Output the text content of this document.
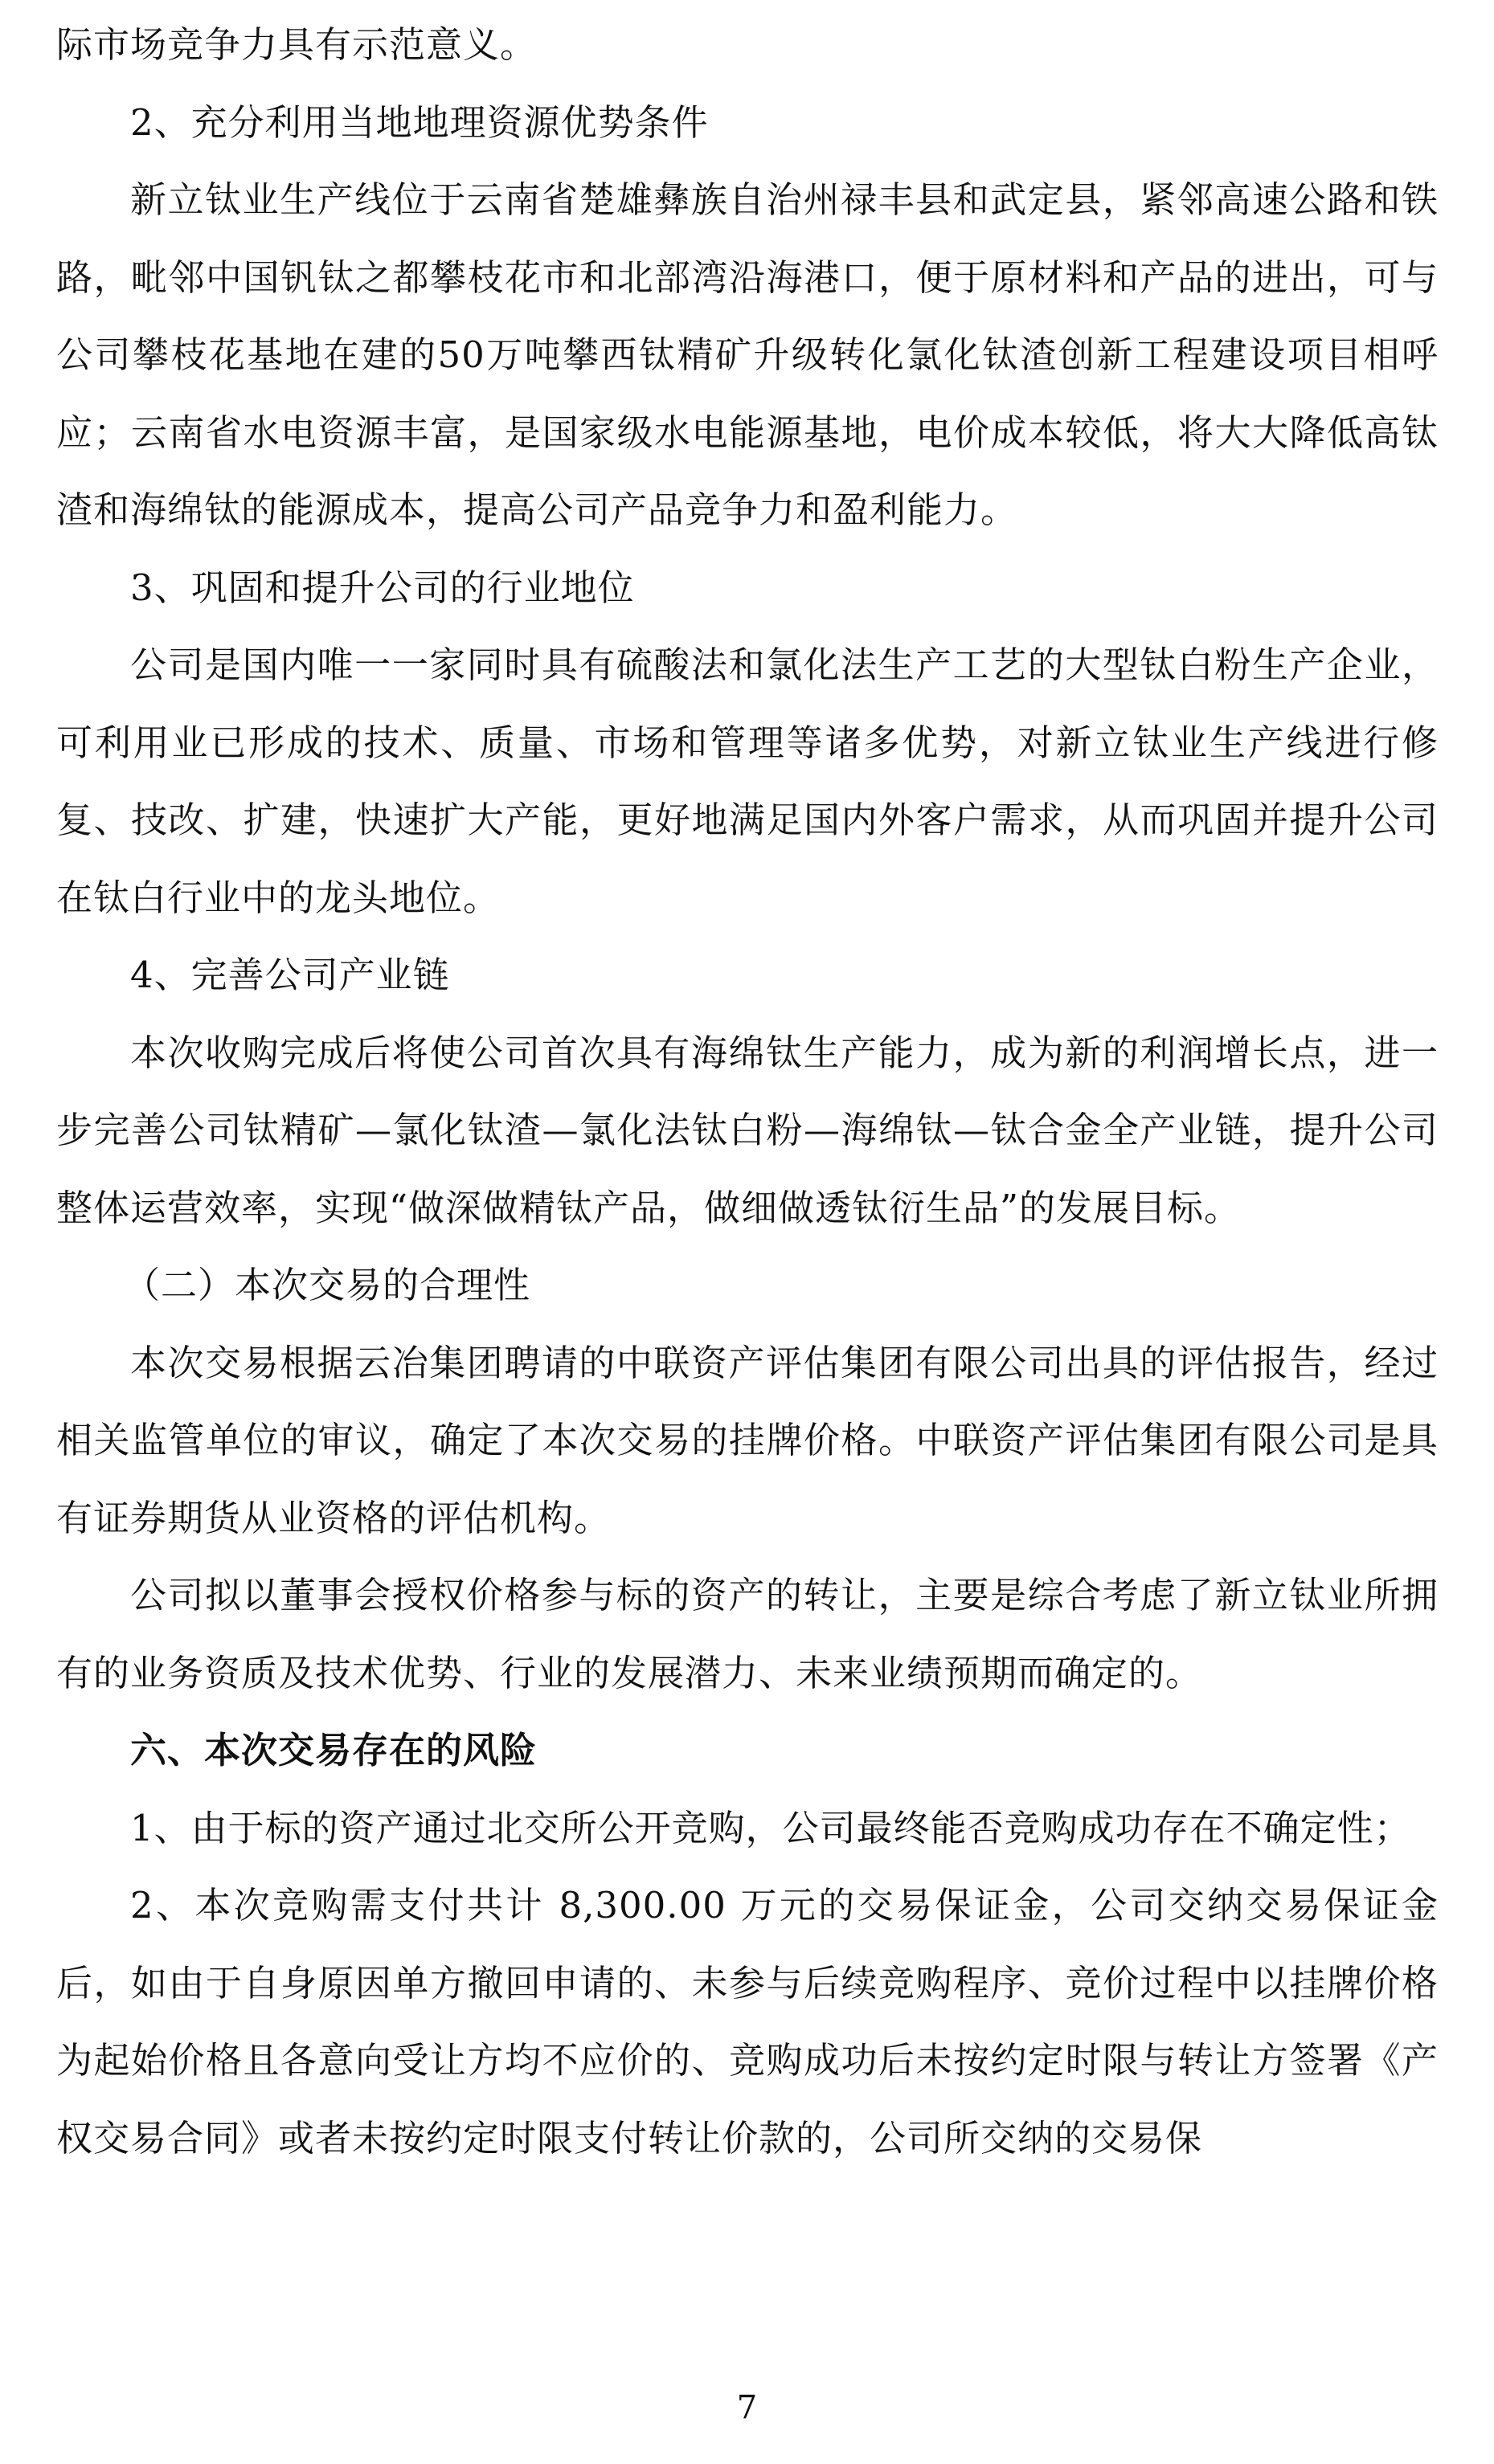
际市场竞争力具有示范意义。

2、充分利用当地地理资源优势条件

新立钛业生产线位于云南省楚雄彝族自治州禄丰县和武定县，紧邻高速公路和铁路，毗邻中国钒钛之都攀枝花市和北部湾沿海港口，便于原材料和产品的进出，可与公司攀枝花基地在建的50万吨攀西钛精矿升级转化氯化钛渣创新工程建设项目相呼应；云南省水电资源丰富，是国家级水电能源基地，电价成本较低，将大大降低高钛渣和海绵钛的能源成本，提高公司产品竞争力和盈利能力。

3、巩固和提升公司的行业地位

公司是国内唯一一家同时具有硫酸法和氯化法生产工艺的大型钛白粉生产企业，可利用业已形成的技术、质量、市场和管理等诸多优势，对新立钛业生产线进行修复、技改、扩建，快速扩大产能，更好地满足国内外客户需求，从而巩固并提升公司在钛白行业中的龙头地位。

4、完善公司产业链

本次收购完成后将使公司首次具有海绵钛生产能力，成为新的利润增长点，进一步完善公司钛精矿—氯化钛渣—氯化法钛白粉—海绵钛—钛合金全产业链，提升公司整体运营效率，实现“做深做精钛产品，做细做透钛衍生品”的发展目标。

（二）本次交易的合理性

本次交易根据云冶集团聘请的中联资产评估集团有限公司出具的评估报告，经过相关监管单位的审议，确定了本次交易的挂牌价格。中联资产评估集团有限公司是具有证券期货从业资格的评估机构。

公司拟以董事会授权价格参与标的资产的转让，主要是综合考虑了新立钛业所拥有的业务资质及技术优势、行业的发展潜力、未来业绩预期而确定的。

六、本次交易存在的风险

1、由于标的资产通过北交所公开竞购，公司最终能否竞购成功存在不确定性；

2、本次竞购需支付共计 8,300.00 万元的交易保证金，公司交纳交易保证金后，如由于自身原因单方撤回申请的、未参与后续竞购程序、竞价过程中以挂牌价格为起始价格且各意向受让方均不应价的、竞购成功后未按约定时限与转让方签署《产权交易合同》或者未按约定时限支付转让价款的，公司所交纳的交易保

7
